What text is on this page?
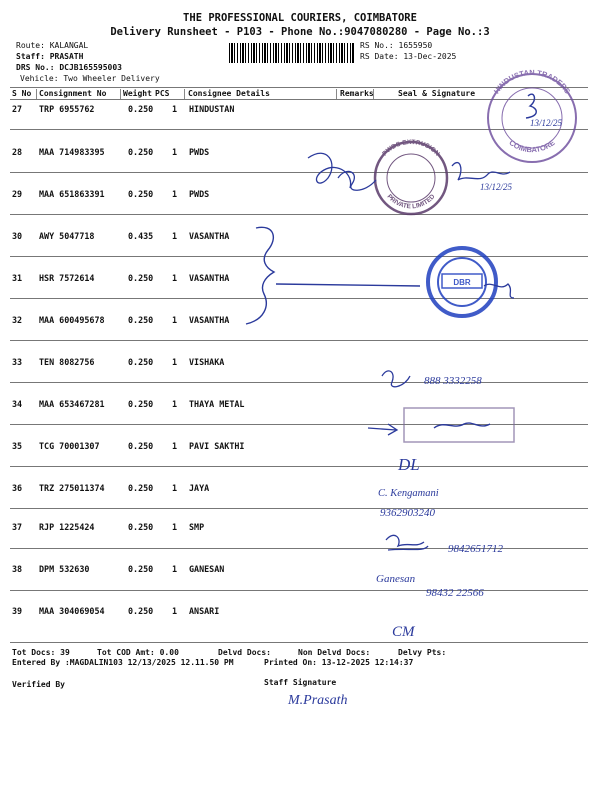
THE PROFESSIONAL COURIERS, COIMBATORE
Delivery Runsheet - P103 - Phone No.:9047080280 - Page No.:3
Route: KALANGAL
Staff: PRASATH
DRS No.: DCJB165595003
Vehicle: Two Wheeler Delivery
RS No.: 1655950
RS Date: 13-Dec-2025
S No Consignment No Weight PCS Consignee Details	Remarks	Seal & Signature
27 TRP 6955762	0.250 1 HINDUSTAN
28 MAA 714983395	0.250 1 PWDS
29 MAA 651863391	0.250 1 PWDS
30 AWY 5047718	0.435 1 VASANTHA
31 HSR 7572614	0.250 1 VASANTHA
32 MAA 600495678	0.250 1 VASANTHA
33 TEN 8082756	0.250 1 VISHAKA
34 MAA 653467281	0.250 1 THAYA METAL
35 TCG 70001307	0.250 1 PAVI SAKTHI
36 TRZ 275011374	0.250 1 JAYA
37 RJP 1225424	0.250 1 SMP
38 DPM 532630	0.250 1 GANESAN
39 MAA 304069054	0.250 1 ANSARI
Tot Docs: 39	Tot COD Amt: 0.00	Delvd Docs:	Non Delvd Docs:	Delvy Pts:
Entered By :MAGDALIN103 12/13/2025 12.11.50 PM	Printed On: 13-12-2025 12:14:37
Verified By	Staff Signature
HINDUSTAN TRADERS
COIMBATORE
13/12/25
PWDS EXTRUSION
PRIVATE LIMITED
13/12/25
DBR
888 3332258
DL
C. Kengamani
9362903240
9842651712
Ganesan
98432 22566
CM
M.Prasath
